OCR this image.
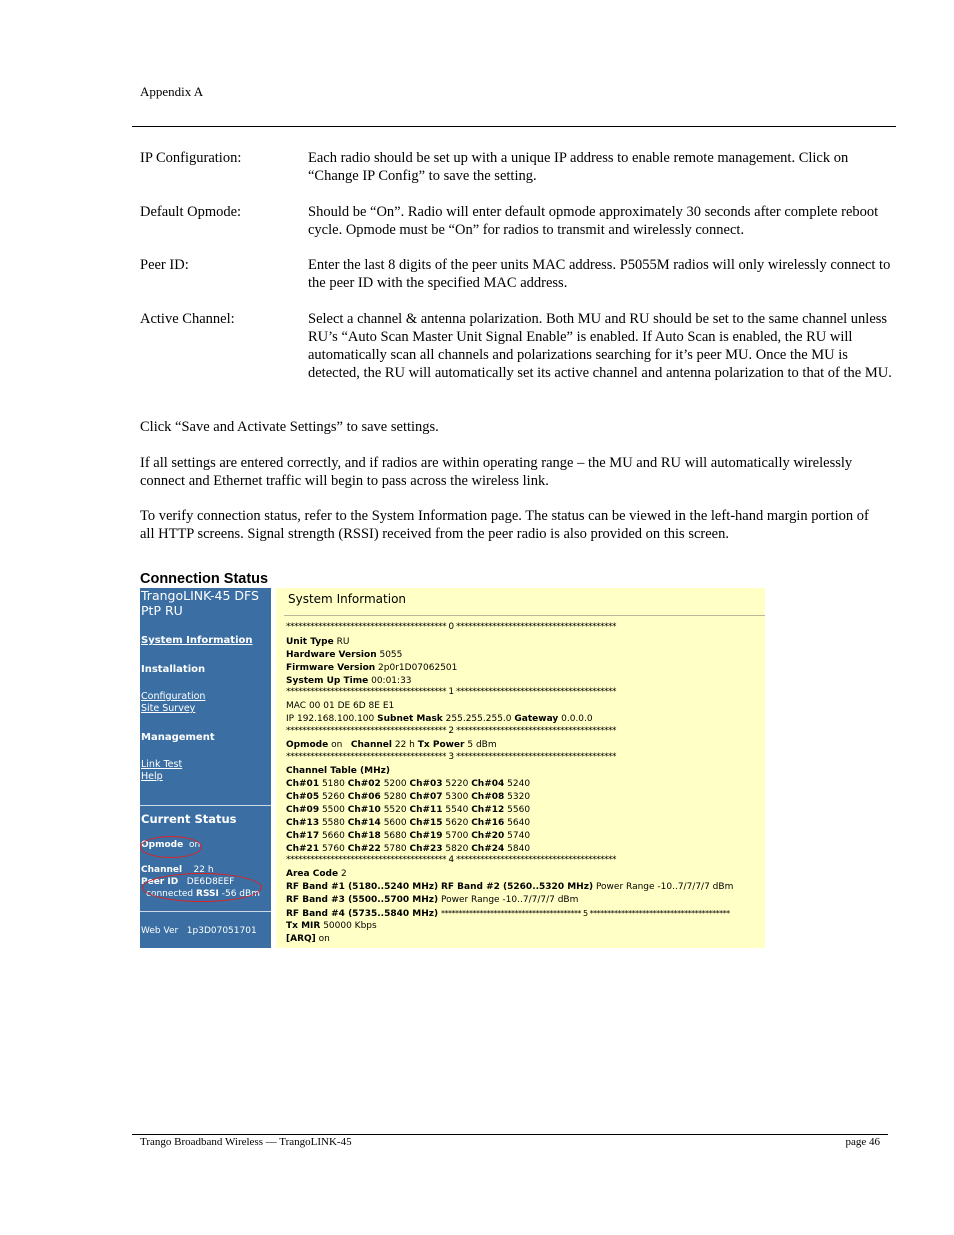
Appendix A
IP Configuration:	Each radio should be set up with a unique IP address to enable remote management. Click on “Change IP Config” to save the setting.
Default Opmode:	Should be “On”. Radio will enter default opmode approximately 30 seconds after complete reboot cycle. Opmode must be “On” for radios to transmit and wirelessly connect.
Peer ID:	Enter the last 8 digits of the peer units MAC address. P5055M radios will only wirelessly connect to the peer ID with the specified MAC address.
Active Channel:	Select a channel & antenna polarization. Both MU and RU should be set to the same channel unless RU’s “Auto Scan Master Unit Signal Enable” is enabled. If Auto Scan is enabled, the RU will automatically scan all channels and polarizations searching for it’s peer MU. Once the MU is detected, the RU will automatically set its active channel and antenna polarization to that of the MU.
Click “Save and Activate Settings” to save settings.
If all settings are entered correctly, and if radios are within operating range – the MU and RU will automatically wirelessly connect and Ethernet traffic will begin to pass across the wireless link.
To verify connection status, refer to the System Information page. The status can be viewed in the left-hand margin portion of all HTTP screens. Signal strength (RSSI) received from the peer radio is also provided on this screen.
Connection Status
TrangoLINK-45 DFS
PtP RU
System Information
Installation
Configuration
Site Survey
Management
Link Test
Help
Current Status
Opmode on
Channel 22 h
Peer ID DE6D8EEF
connected RSSI -56 dBm
Web Ver 1p3D07051701
System Information
**************************************** 0 ****************************************
Unit Type RU
Hardware Version 5055
Firmware Version 2p0r1D07062501
System Up Time 00:01:33
**************************************** 1 ****************************************
MAC 00 01 DE 6D 8E E1
IP 192.168.100.100 Subnet Mask 255.255.255.0 Gateway 0.0.0.0
**************************************** 2 ****************************************
Opmode on Channel 22 h Tx Power 5 dBm
**************************************** 3 ****************************************
Channel Table (MHz)
Ch#01 5180 Ch#02 5200 Ch#03 5220 Ch#04 5240
Ch#05 5260 Ch#06 5280 Ch#07 5300 Ch#08 5320
Ch#09 5500 Ch#10 5520 Ch#11 5540 Ch#12 5560
Ch#13 5580 Ch#14 5600 Ch#15 5620 Ch#16 5640
Ch#17 5660 Ch#18 5680 Ch#19 5700 Ch#20 5740
Ch#21 5760 Ch#22 5780 Ch#23 5820 Ch#24 5840
**************************************** 4 ****************************************
Area Code 2
RF Band #1 (5180..5240 MHz) RF Band #2 (5260..5320 MHz) Power Range -10..7/7/7/7 dBm
RF Band #3 (5500..5700 MHz) Power Range -10..7/7/7/7 dBm
RF Band #4 (5735..5840 MHz) **************************************** 5 ****************************************
Tx MIR 50000 Kbps
[ARQ] on
Trango Broadband Wireless — TrangoLINK-45	page 46
